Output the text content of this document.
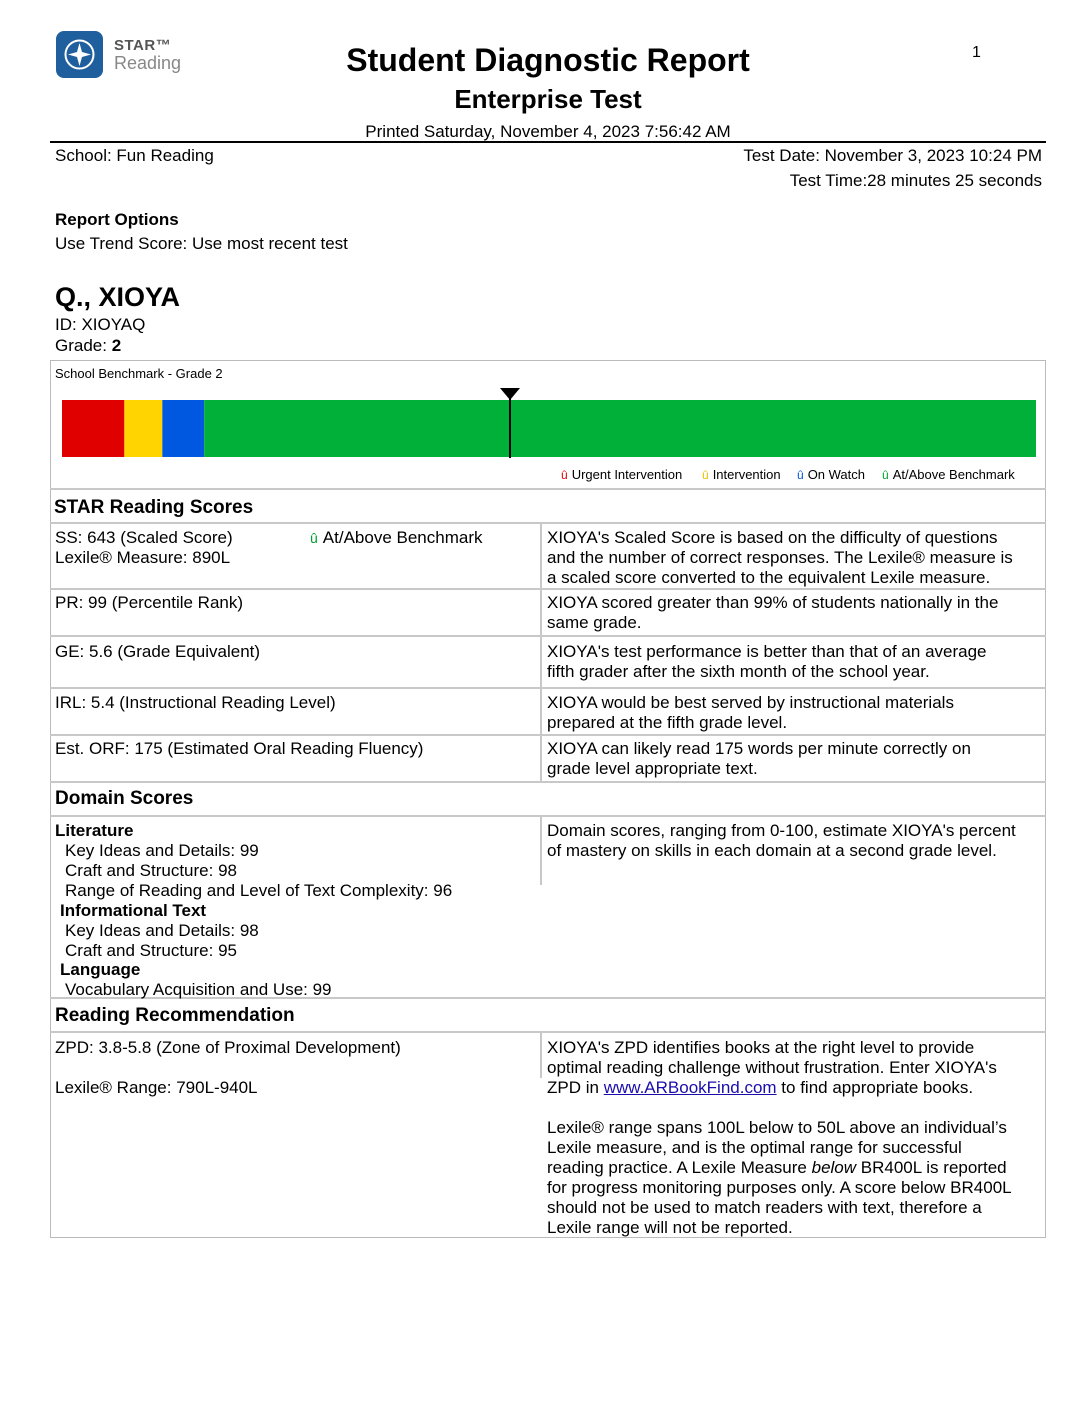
STAR™
Reading	Student Diagnostic Report
Enterprise Test
Printed Saturday, November 4, 2023 7:56:42 AM
1
School: Fun Reading	Test Date: November 3, 2023 10:24 PM
Test Time:28 minutes 25 seconds
Report Options
Use Trend Score: Use most recent test
Q., XIOYA
ID: XIOYAQ
Grade: 2
School Benchmark - Grade 2
û Urgent Intervention û Intervention û On Watch û At/Above Benchmark
STAR Reading Scores
SS: 643 (Scaled Score)	û At/Above Benchmark
Lexile® Measure: 890L
XIOYA's Scaled Score is based on the difficulty of questions
and the number of correct responses. The Lexile® measure is
a scaled score converted to the equivalent Lexile measure.
PR: 99 (Percentile Rank)	XIOYA scored greater than 99% of students nationally in the
same grade.
GE: 5.6 (Grade Equivalent)	XIOYA's test performance is better than that of an average
fifth grader after the sixth month of the school year.
IRL: 5.4 (Instructional Reading Level)	XIOYA would be best served by instructional materials
prepared at the fifth grade level.
Est. ORF: 175 (Estimated Oral Reading Fluency)	XIOYA can likely read 175 words per minute correctly on
grade level appropriate text.
Domain Scores
Literature
Key Ideas and Details: 99
Craft and Structure: 98
Range of Reading and Level of Text Complexity: 96
Informational Text
Key Ideas and Details: 98
Craft and Structure: 95
Language
Vocabulary Acquisition and Use: 99
Domain scores, ranging from 0-100, estimate XIOYA's percent
of mastery on skills in each domain at a second grade level.
Reading Recommendation
ZPD: 3.8-5.8 (Zone of Proximal Development)
Lexile® Range: 790L-940L
XIOYA's ZPD identifies books at the right level to provide
optimal reading challenge without frustration. Enter XIOYA's
ZPD in www.ARBookFind.com to find appropriate books.
Lexile® range spans 100L below to 50L above an individual’s
Lexile measure, and is the optimal range for successful
reading practice. A Lexile Measure below BR400L is reported
for progress monitoring purposes only. A score below BR400L
should not be used to match readers with text, therefore a
Lexile range will not be reported.
